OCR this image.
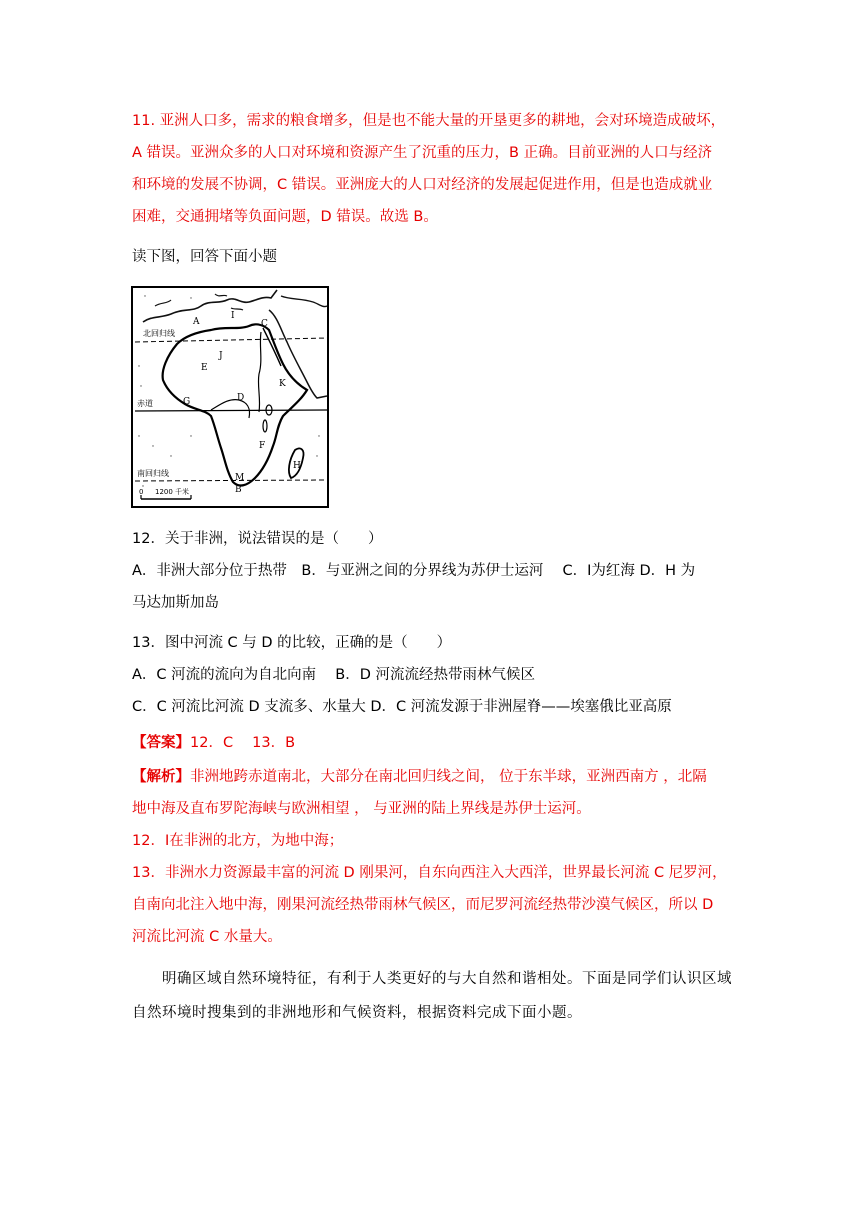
11. 亚洲人口多，需求的粮食增多，但是也不能大量的开垦更多的耕地，会对环境造成破坏，
A 错误。亚洲众多的人口对环境和资源产生了沉重的压力，B 正确。目前亚洲的人口与经济
和环境的发展不协调，C 错误。亚洲庞大的人口对经济的发展起促进作用，但是也造成就业
困难，交通拥堵等负面问题，D 错误。故选 B。
读下图，回答下面小题
北回归线
赤道
南回归线
A
I
C
J
E
K
G	D
F
H
M
B
0 1200 千米
12．关于非洲，说法错误的是（　　）
A．非洲大部分位于热带　B．与亚洲之间的分界线为苏伊士运河　 C．Ⅰ为红海 D．H 为
马达加斯加岛
13．图中河流 C 与 D 的比较，正确的是（　　）
A．C 河流的流向为自北向南　 B．D 河流流经热带雨林气候区
C．C 河流比河流 D 支流多、水量大 D．C 河流发源于非洲屋脊——埃塞俄比亚高原
【答案】12．C　 13．B
【解析】非洲地跨赤道南北，大部分在南北回归线之间， 位于东半球，亚洲西南方 ，北隔
地中海及直布罗陀海峡与欧洲相望 ， 与亚洲的陆上界线是苏伊士运河。
12．Ⅰ在非洲的北方，为地中海；
13．非洲水力资源最丰富的河流 D 刚果河，自东向西注入大西洋，世界最长河流 C 尼罗河，
自南向北注入地中海，刚果河流经热带雨林气候区，而尼罗河流经热带沙漠气候区，所以 D
河流比河流 C 水量大。
　　明确区域自然环境特征，有利于人类更好的与大自然和谐相处。下面是同学们认识区域
自然环境时搜集到的非洲地形和气候资料，根据资料完成下面小题。
